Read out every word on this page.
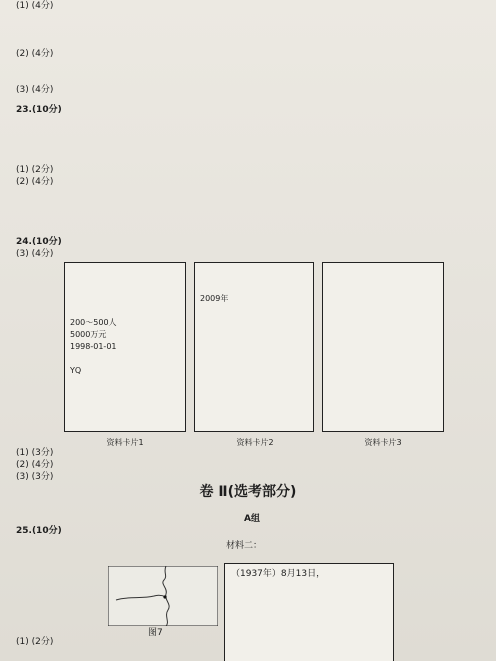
(1) (4分)
(2) (4分)
(3) (4分)
23.(10分)
(1) (2分)
(2) (4分)
(3) (4分)
24.(10分)
200～500人
5000万元
1998-01-01
YQ
资料卡片1
2009年
资料卡片2	资料卡片3
(1) (3分)
(2) (4分)
(3) (3分)
卷 Ⅱ(选考部分)
A组
25.(10分)
材料二：
（1937年）8月13日，
图7
(1) (2分)
